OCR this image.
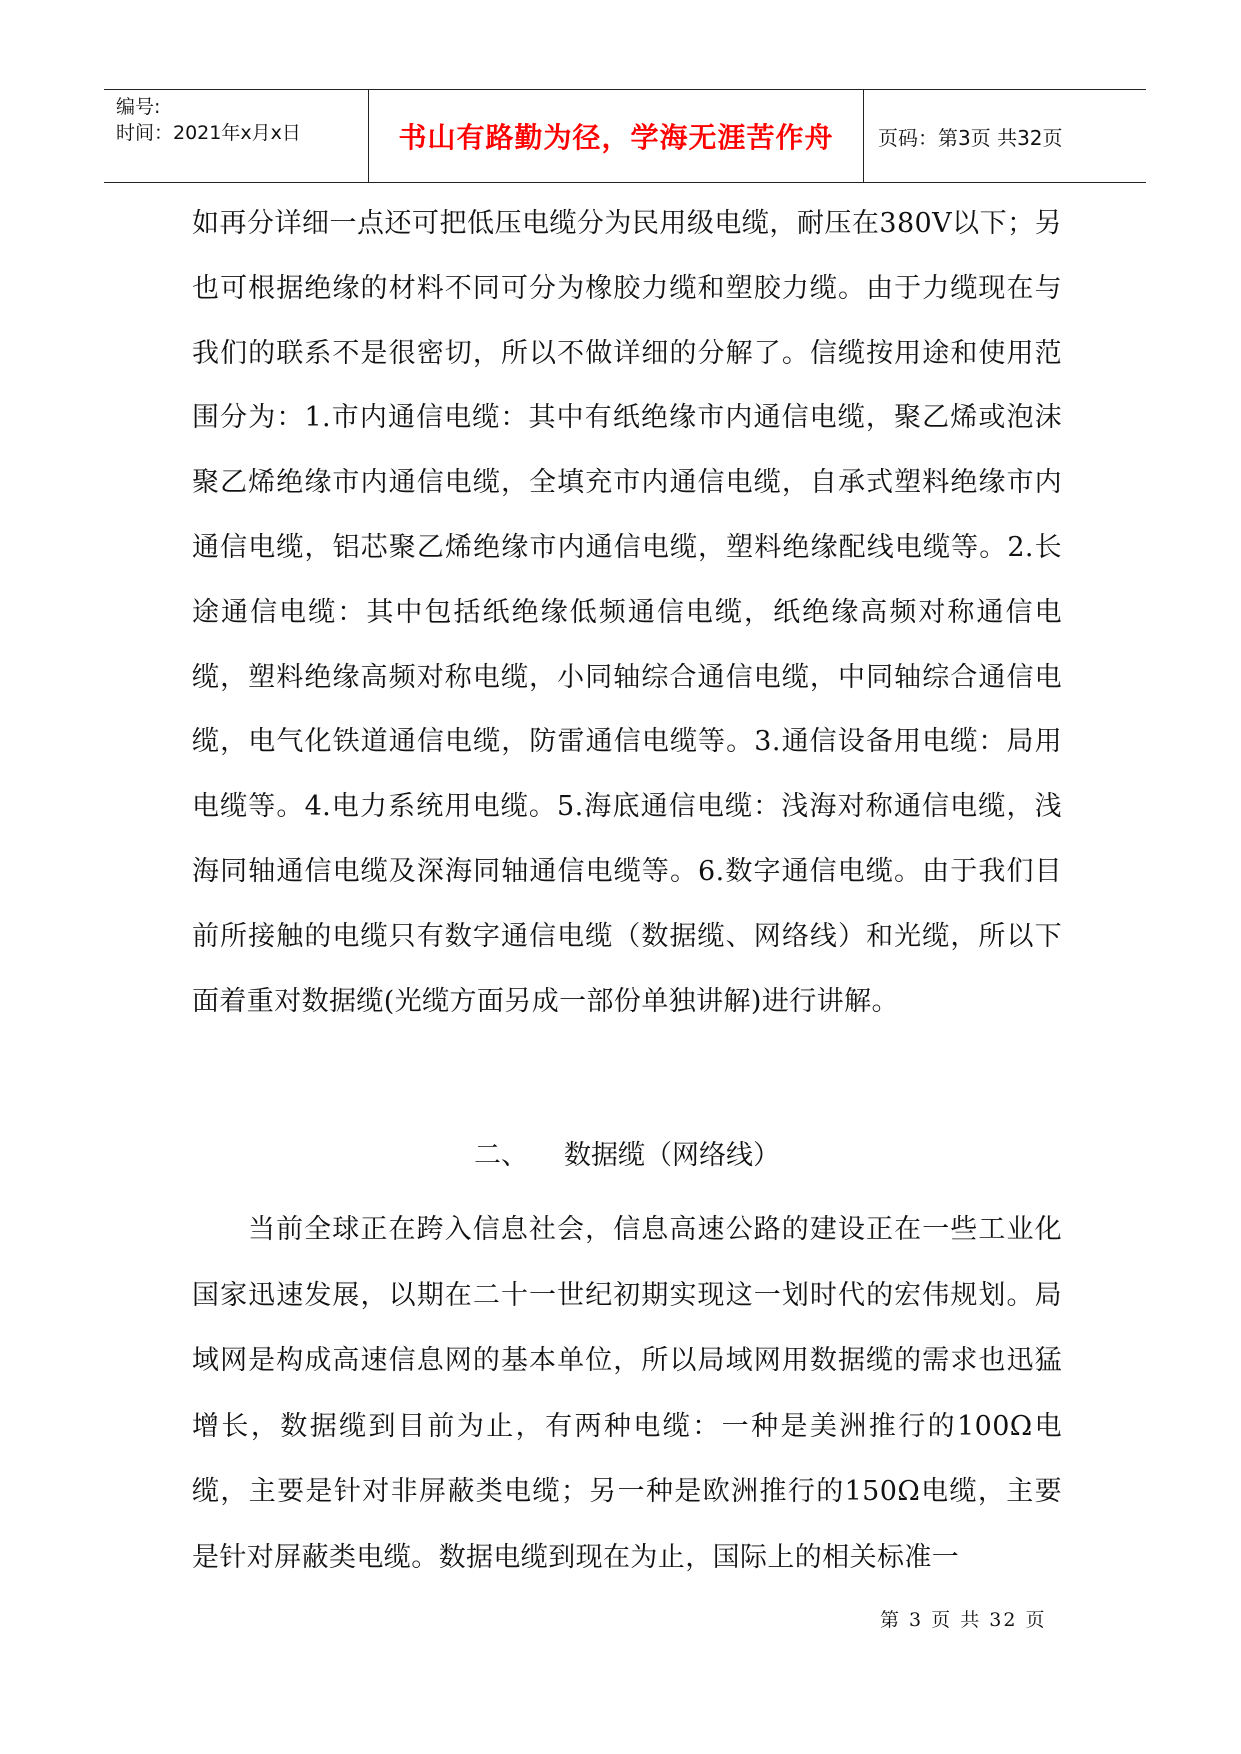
编号:
时间：2021年x月x日	书山有路勤为径，学海无涯苦作舟	页码：第3页 共32页

如再分详细一点还可把低压电缆分为民用级电缆，耐压在380V以下；另也可根据绝缘的材料不同可分为橡胶力缆和塑胶力缆。由于力缆现在与我们的联系不是很密切，所以不做详细的分解了。信缆按用途和使用范围分为：1.市内通信电缆：其中有纸绝缘市内通信电缆，聚乙烯或泡沫聚乙烯绝缘市内通信电缆，全填充市内通信电缆，自承式塑料绝缘市内通信电缆，铝芯聚乙烯绝缘市内通信电缆，塑料绝缘配线电缆等。2.长途通信电缆：其中包括纸绝缘低频通信电缆，纸绝缘高频对称通信电缆，塑料绝缘高频对称电缆，小同轴综合通信电缆，中同轴综合通信电缆，电气化铁道通信电缆，防雷通信电缆等。3.通信设备用电缆：局用电缆等。4.电力系统用电缆。5.海底通信电缆：浅海对称通信电缆，浅海同轴通信电缆及深海同轴通信电缆等。6.数字通信电缆。由于我们目前所接触的电缆只有数字通信电缆（数据缆、网络线）和光缆，所以下面着重对数据缆(光缆方面另成一部份单独讲解)进行讲解。

二、 数据缆（网络线）

当前全球正在跨入信息社会，信息高速公路的建设正在一些工业化国家迅速发展，以期在二十一世纪初期实现这一划时代的宏伟规划。局域网是构成高速信息网的基本单位，所以局域网用数据缆的需求也迅猛增长，数据缆到目前为止，有两种电缆：一种是美洲推行的100Ω电缆，主要是针对非屏蔽类电缆；另一种是欧洲推行的150Ω电缆，主要是针对屏蔽类电缆。数据电缆到现在为止，国际上的相关标准一

第 3 页 共 32 页
